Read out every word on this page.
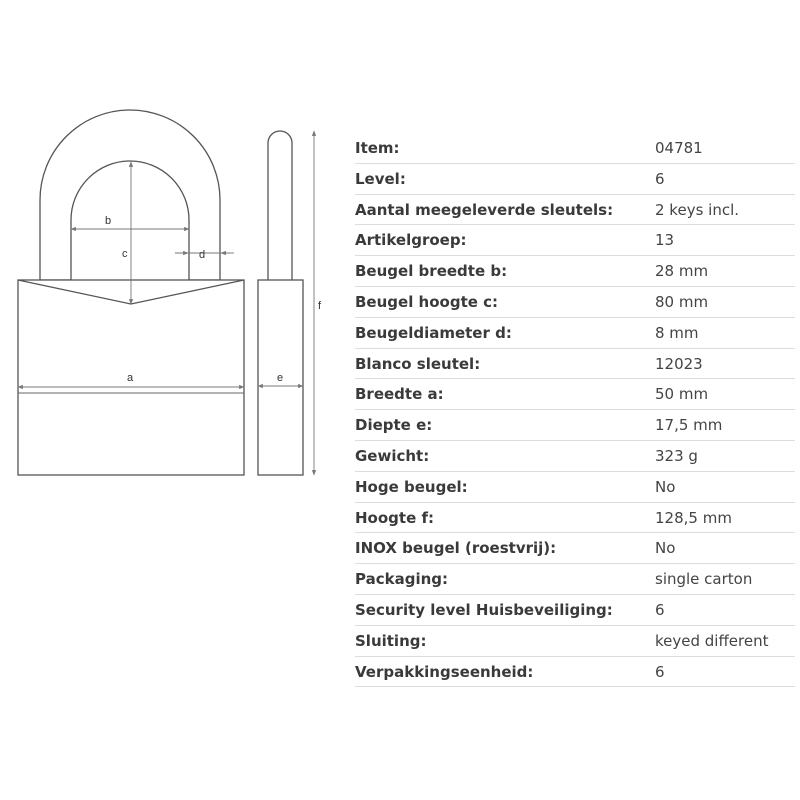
b
c	d
a	e
f
Item:	04781
Level:	6
Aantal meegeleverde sleutels:	2 keys incl.
Artikelgroep:	13
Beugel breedte b:	28 mm
Beugel hoogte c:	80 mm
Beugeldiameter d:	8 mm
Blanco sleutel:	12023
Breedte a:	50 mm
Diepte e:	17,5 mm
Gewicht:	323 g
Hoge beugel:	No
Hoogte f:	128,5 mm
INOX beugel (roestvrij):	No
Packaging:	single carton
Security level Huisbeveiliging:	6
Sluiting:	keyed different
Verpakkingseenheid:	6
